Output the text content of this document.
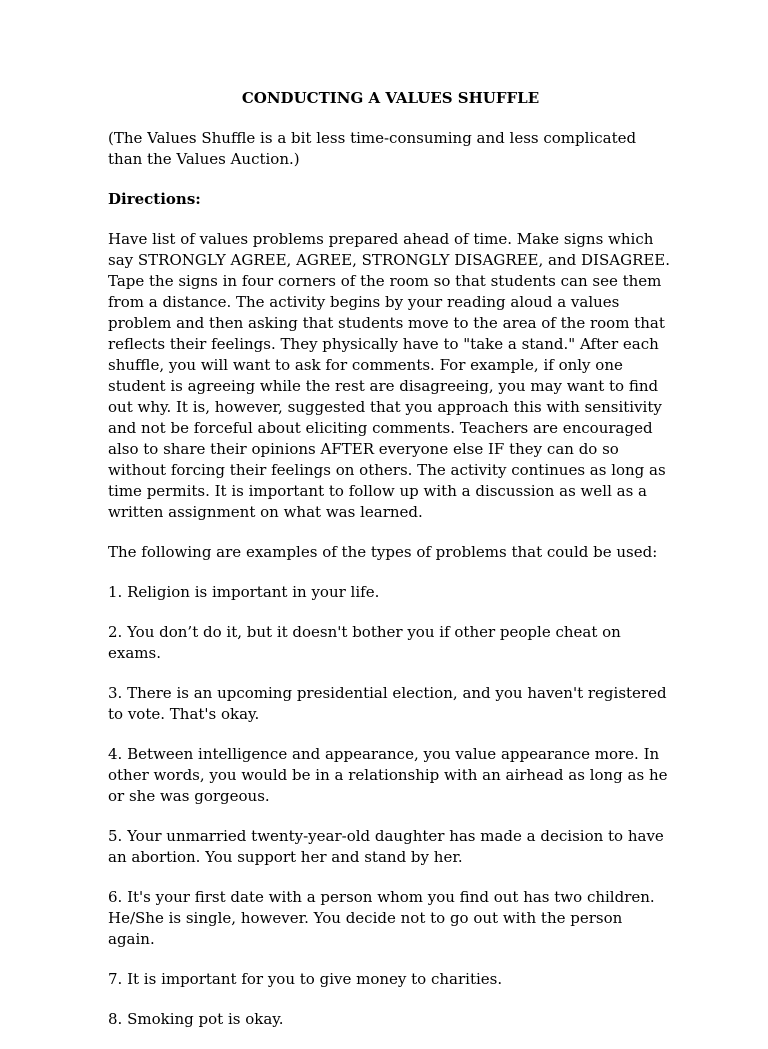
CONDUCTING A VALUES SHUFFLE
(The Values Shuffle is a bit less time-consuming and less complicated than the Values Auction.)
Directions:
Have list of values problems prepared ahead of time. Make signs which say STRONGLY AGREE, AGREE, STRONGLY DISAGREE, and DISAGREE. Tape the signs in four corners of the room so that students can see them from a distance. The activity begins by your reading aloud a values problem and then asking that students move to the area of the room that reflects their feelings. They physically have to "take a stand." After each shuffle, you will want to ask for comments. For example, if only one student is agreeing while the rest are disagreeing, you may want to find out why. It is, however, suggested that you approach this with sensitivity and not be forceful about eliciting comments. Teachers are encouraged also to share their opinions AFTER everyone else IF they can do so without forcing their feelings on others. The activity continues as long as time permits. It is important to follow up with a discussion as well as a written assignment on what was learned.
The following are examples of the types of problems that could be used:
1. Religion is important in your life.
2. You don’t do it, but it doesn't bother you if other people cheat on exams.
3. There is an upcoming presidential election, and you haven't registered to vote. That's okay.
4. Between intelligence and appearance, you value appearance more. In other words, you would be in a relationship with an airhead as long as he or she was gorgeous.
5. Your unmarried twenty-year-old daughter has made a decision to have an abortion. You support her and stand by her.
6. It's your first date with a person whom you find out has two children. He/She is single, however. You decide not to go out with the person again.
7. It is important for you to give money to charities.
8. Smoking pot is okay.
